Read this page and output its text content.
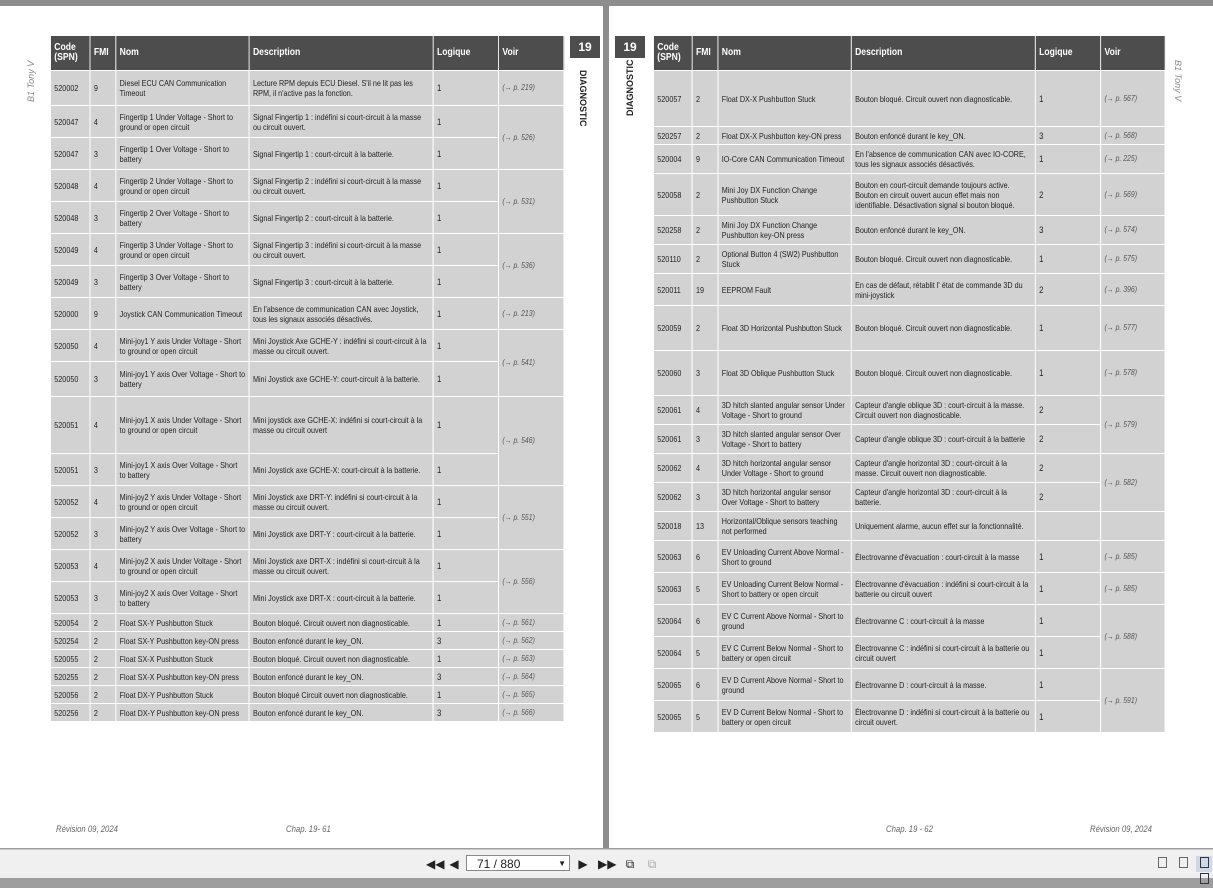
B1 Tony V
Code (SPN)	FMI	Nom	Description	Logique	Voir
520002	9	Diesel ECU CAN Communication Timeout	Lecture RPM depuis ECU Diesel. S'il ne lit pas les RPM, il n'active pas la fonction.	1	(→ p. 219)
520047	4	Fingertip 1 Under Voltage - Short to ground or open circuit	Signal Fingertip 1 : indéfini si court-circuit à la masse ou circuit ouvert.	1	(→ p. 526)
520047	3	Fingertip 1 Over Voltage - Short to battery	Signal Fingertip 1 : court-circuit à la batterie.	1	
520048	4	Fingertip 2 Under Voltage - Short to ground or open circuit	Signal Fingertip 2 : indéfini si court-circuit à la masse ou circuit ouvert.	1	(→ p. 531)
520048	3	Fingertip 2 Over Voltage - Short to battery	Signal Fingertip 2 : court-circuit à la batterie.	1	
520049	4	Fingertip 3 Under Voltage - Short to ground or open circuit	Signal Fingertip 3 : indéfini si court-circuit à la masse ou circuit ouvert.	1	(→ p. 536)
520049	3	Fingertip 3 Over Voltage - Short to battery	Signal Fingertip 3 : court-circuit à la batterie.	1	
520000	9	Joystick CAN Communication Timeout	En l'absence de communication CAN avec Joystick, tous les signaux associés désactivés.	1	(→ p. 213)
520050	4	Mini-joy1 Y axis Under Voltage - Short to ground or open circuit	Mini Joystick Axe GCHE-Y : indéfini si court-circuit à la masse ou circuit ouvert.	1	(→ p. 541)
520050	3	Mini-joy1 Y axis Over Voltage - Short to battery	Mini Joystick axe GCHE-Y: court-circuit à la batterie.	1	
520051	4	Mini-joy1 X axis Under Voltage - Short to ground or open circuit	Mini joystick axe GCHE-X: indéfini si court-circuit à la masse ou circuit ouvert	1	(→ p. 546)
520051	3	Mini-joy1 X axis Over Voltage - Short to battery	Mini Joystick axe GCHE-X: court-circuit à la batterie.	1	
520052	4	Mini-joy2 Y axis Under Voltage - Short to ground or open circuit	Mini Joystick axe DRT-Y: indéfini si court-circuit à la masse ou circuit ouvert.	1	(→ p. 551)
520052	3	Mini-joy2 Y axis Over Voltage - Short to battery	Mini Joystick axe DRT-Y : court-circuit à la batterie.	1	
520053	4	Mini-joy2 X axis Under Voltage - Short to ground or open circuit	Mini Joystick axe DRT-X : indéfini si court-circuit à la masse ou circuit ouvert.	1	(→ p. 556)
520053	3	Mini-joy2 X axis Over Voltage - Short to battery	Mini Joystick axe DRT-X : court-circuit à la batterie.	1	
520054	2	Float SX-Y Pushbutton Stuck	Bouton bloqué. Circuit ouvert non diagnosticable.	1	(→ p. 561)
520254	2	Float SX-Y Pushbutton key-ON press	Bouton enfoncé durant le key_ON.	3	(→ p. 562)
520055	2	Float SX-X Pushbutton Stuck	Bouton bloqué. Circuit ouvert non diagnosticable.	1	(→ p. 563)
520255	2	Float SX-X Pushbutton key-ON press	Bouton enfoncé durant le key_ON.	3	(→ p. 564)
520056	2	Float DX-Y Pushbutton Stuck	Bouton bloqué Circuit ouvert non diagnosticable.	1	(→ p. 565)
520256	2	Float DX-Y Pushbutton key-ON press	Bouton enfoncé durant le key_ON.	3	(→ p. 566)
19
DIAGNOSTIC
Révision 09, 2024	Chap. 19- 61
19
DIAGNOSTIC
Code (SPN)	FMI	Nom	Description	Logique	Voir
520057	2	Float DX-X Pushbutton Stuck	Bouton bloqué. Circuit ouvert non diagnosticable.	1	(→ p. 567)
520257	2	Float DX-X Pushbutton key-ON press	Bouton enfoncé durant le key_ON.	3	(→ p. 568)
520004	9	IO-Core CAN Communication Timeout	En l'absence de communication CAN avec IO-CORE, tous les signaux associés désactivés.	1	(→ p. 225)
520058	2	Mini Joy DX Function Change Pushbutton Stuck	Bouton en court-circuit demande toujours active. Bouton en circuit ouvert aucun effet mais non identifiable. Désactivation signal si bouton bloqué.	2	(→ p. 569)
520258	2	Mini Joy DX Function Change Pushbutton key-ON press	Bouton enfoncé durant le key_ON.	3	(→ p. 574)
520110	2	Optional Button 4 (SW2) Pushbutton Stuck	Bouton bloqué. Circuit ouvert non diagnosticable.	1	(→ p. 575)
520011	19	EEPROM Fault	En cas de défaut, rétablit l' état de commande 3D du mini-joystick	2	(→ p. 396)
520059	2	Float 3D Horizontal Pushbutton Stuck	Bouton bloqué. Circuit ouvert non diagnosticable.	1	(→ p. 577)
520060	3	Float 3D Oblique Pushbutton Stuck	Bouton bloqué. Circuit ouvert non diagnosticable.	1	(→ p. 578)
520061	4	3D hitch slanted angular sensor Under Voltage - Short to ground	Capteur d'angle oblique 3D : court-circuit à la masse. Circuit ouvert non diagnosticable.	2	(→ p. 579)
520061	3	3D hitch slanted angular sensor Over Voltage - Short to battery	Capteur d'angle oblique 3D : court-circuit à la batterie	2	
520062	4	3D hitch horizontal angular sensor Under Voltage - Short to ground	Capteur d'angle horizontal 3D : court-circuit à la masse. Circuit ouvert non diagnosticable.	2	(→ p. 582)
520062	3	3D hitch horizontal angular sensor Over Voltage - Short to battery	Capteur d'angle horizontal 3D : court-circuit à la batterie.	2	
520018	13	Horizontal/Oblique sensors teaching not performed	Uniquement alarme, aucun effet sur la fonctionnalité.		
520063	6	EV Unloading Current Above Normal - Short to ground	Électrovanne d'évacuation : court-circuit à la masse	1	(→ p. 585)
520063	5	EV Unloading Current Below Normal - Short to battery or open circuit	Électrovanne d'évacuation : indéfini si court-circuit à la batterie ou circuit ouvert	1	(→ p. 585)
520064	6	EV C Current Above Normal - Short to ground	Électrovanne C : court-circuit à la masse	1	(→ p. 588)
520064	5	EV C Current Below Normal - Short to battery or open circuit	Électrovanne C : indéfini si court-circuit à la batterie ou circuit ouvert	1	
520065	6	EV D Current Above Normal - Short to ground	Électrovanne D : court-circuit à la masse.	1	(→ p. 591)
520065	5	EV D Current Below Normal - Short to battery or open circuit	Électrovanne D : indéfini si court-circuit à la batterie ou circuit ouvert.	1	
B1 Tony V
Chap. 19 - 62	Révision 09, 2024
◀◀ ◀	71 / 880	▼ ▶ ▶▶ ⧉	⧉
